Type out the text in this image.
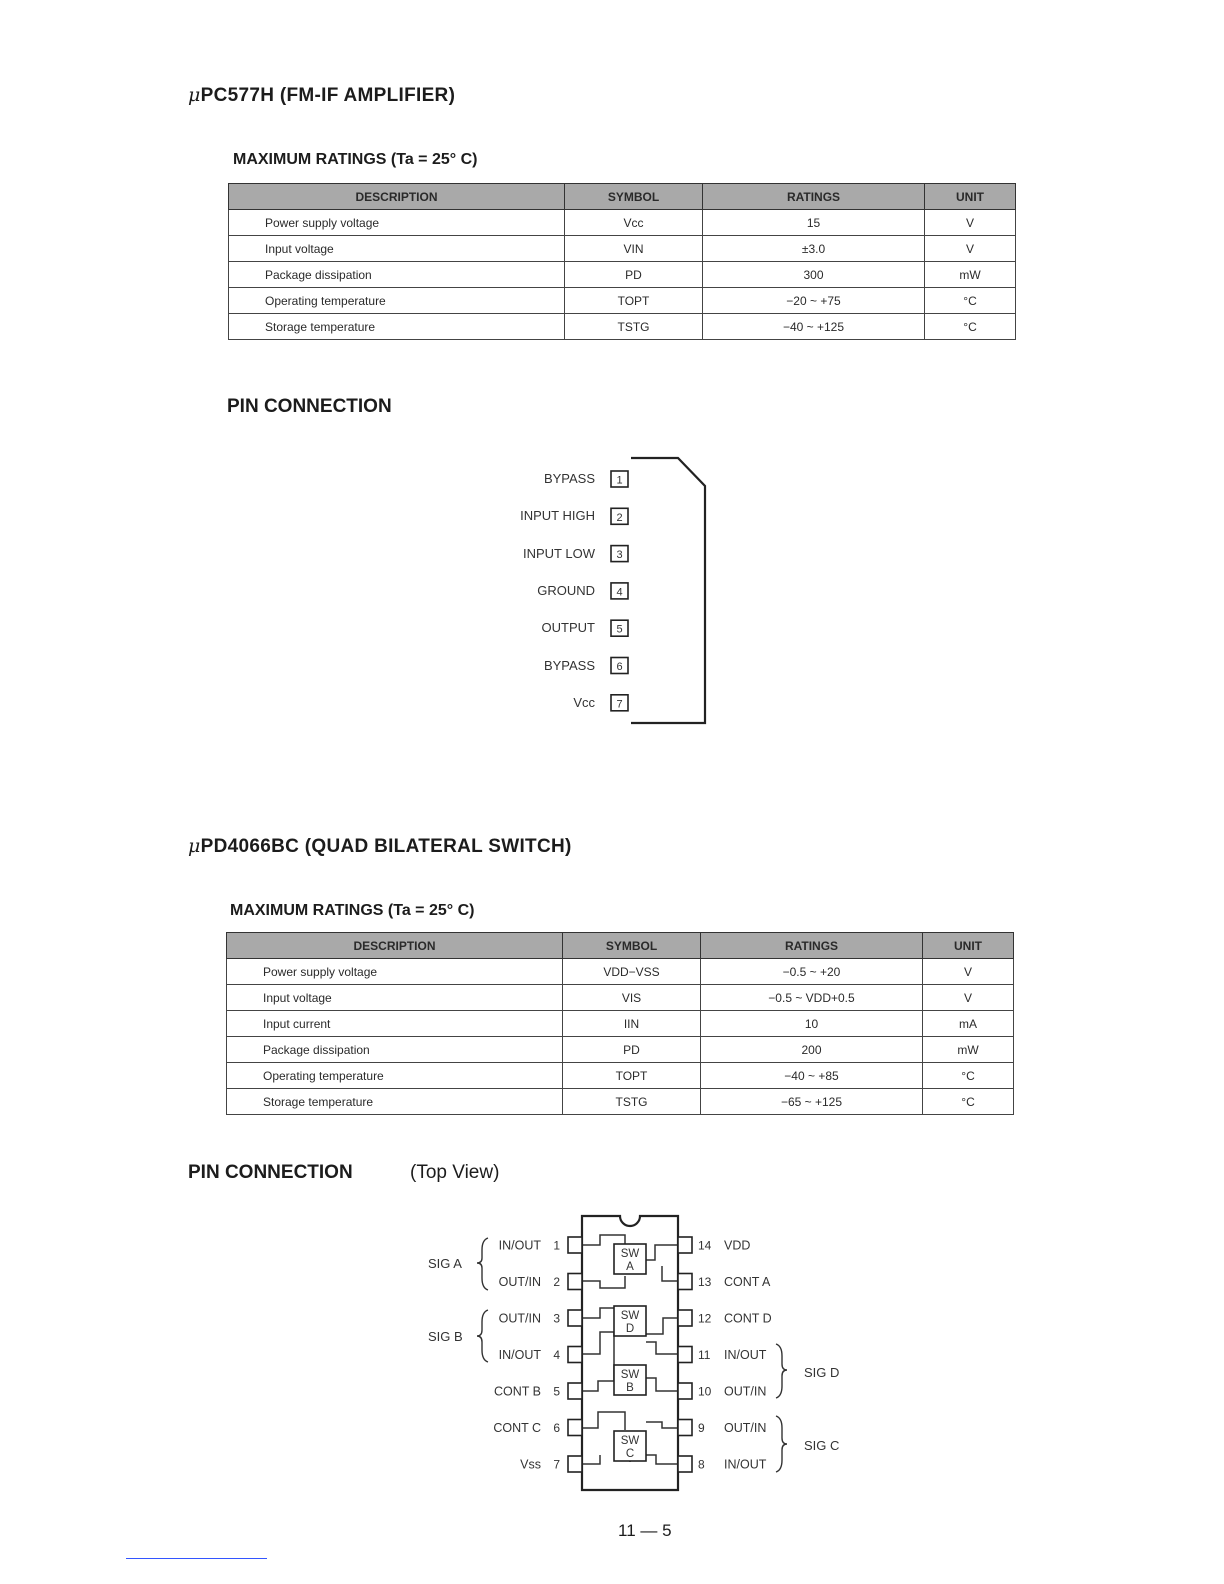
μPC577H (FM-IF AMPLIFIER)
MAXIMUM RATINGS (Ta = 25° C)
DESCRIPTION	SYMBOL	RATINGS	UNIT
Power supply voltage	Vcc	15	V
Input voltage	VIN	±3.0	V
Package dissipation	PD	300	mW
Operating temperature	TOPT	−20 ~ +75	°C
Storage temperature	TSTG	−40 ~ +125	°C
PIN CONNECTION
BYPASS
INPUT HIGH
INPUT LOW
GROUND
OUTPUT
BYPASS
Vcc
1
2
3
4
5
6
7
μPD4066BC (QUAD BILATERAL SWITCH)
MAXIMUM RATINGS (Ta = 25° C)
DESCRIPTION	SYMBOL	RATINGS	UNIT
Power supply voltage	VDD−VSS	−0.5 ~ +20	V
Input voltage	VIS	−0.5 ~ VDD+0.5	V
Input current	IIN	10	mA
Package dissipation	PD	200	mW
Operating temperature	TOPT	−40 ~ +85	°C
Storage temperature	TSTG	−65 ~ +125	°C
PIN CONNECTION	(Top View)
SW
A
SW
D
SW
B
SW
C
1
IN/OUT
2
OUT/IN
3
OUT/IN
4
IN/OUT
5
CONT B
6
CONT C
7
Vss
14 VDD
13 CONT A
12 CONT D
11 IN/OUT
10 OUT/IN
9 OUT/IN
8 IN/OUT
SIG A
SIG B
SIG D
SIG C
11 — 5
